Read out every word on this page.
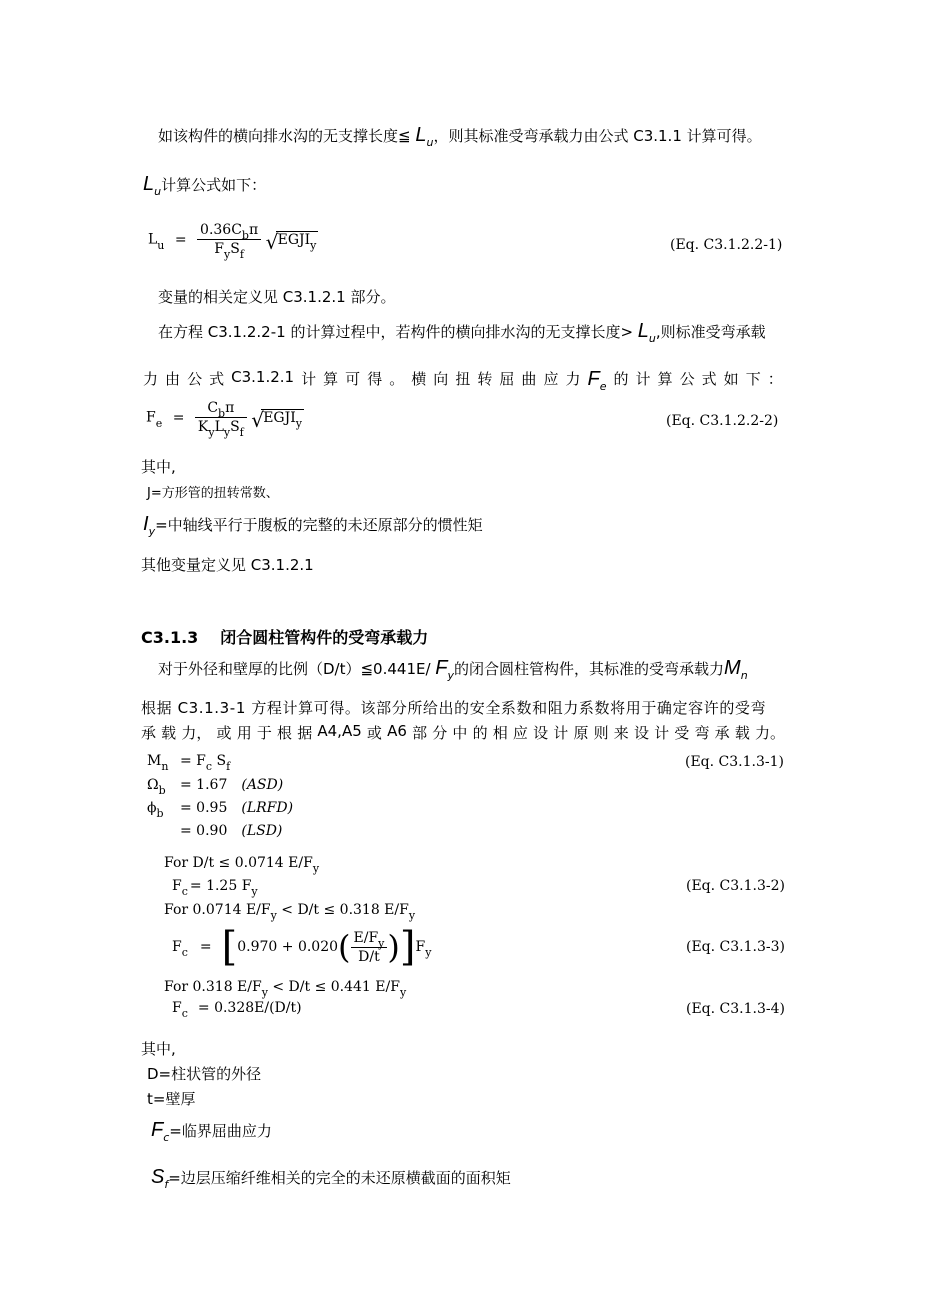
如该构件的横向排水沟的无支撑长度≦ $L_u$，则其标准受弯承载力由公式 C3.1.1 计算可得。
$L_u$计算公式如下：
$L_u = \frac{0.36C_b\pi}{F_yS_f}$
√ $EGJI_y$	(Eq. C3.1.2.2-1)
变量的相关定义见 C3.1.2.1 部分。
在方程 C3.1.2.2-1 的计算过程中，若构件的横向排水沟的无支撑长度> $L_u$,则标准受弯承载
力 由 公 式 C3.1.2.1 计 算 可 得 。 横 向 扭 转 屈 曲 应 力 $F_e$ 的 计 算 公 式 如 下 ：
$F_e = \frac{C_b\pi}{K_yL_yS_f}$
√ $EGJI_y$	(Eq. C3.1.2.2-2)
其中,
J=方形管的扭转常数、
$I_y=$中轴线平行于腹板的完整的未还原部分的惯性矩
其他变量定义见 C3.1.2.1
C3.1.3 闭合圆柱管构件的受弯承载力
对于外径和壁厚的比例（D/t）≦0.441E/ $F_y$的闭合圆柱管构件，其标准的受弯承载力$M_n$
根据 C3.1.3-1 方程计算可得。该部分所给出的安全系数和阻力系数将用于确定容许的受弯
承 载 力， 或 用 于 根 据 A4,A5 或 A6 部 分 中 的 相 应 设 计 原 则 来 设 计 受 弯 承 载 力。
$M_n = F_c$ $S_f$	(Eq. C3.1.3-1)
$\Omega_b = 1.67$ (ASD)
$\phi_b = 0.95$ (LRFD)
= 0.90 (LSD)
For D/t ≤ 0.0714 $E/F_y$
$F_c = 1.25$ $F_y$	(Eq. C3.1.3-2)
For 0.0714 $E/F_y < D/t \le 0.318$ $E/F_y$
F c = [ 0.970 + 0.020 ( $\frac{E/F_y}{D/t}$ ) ] F y	(Eq. C3.1.3-3)
For 0.318 $E/F_y < D/t \le 0.441$ $E/F_y$
$F_c = 0.328E/(D/t)$	(Eq. C3.1.3-4)
其中,
D=柱状管的外径
t=壁厚
$F_c=$临界屈曲应力
$S_f=$边层压缩纤维相关的完全的未还原横截面的面积矩
